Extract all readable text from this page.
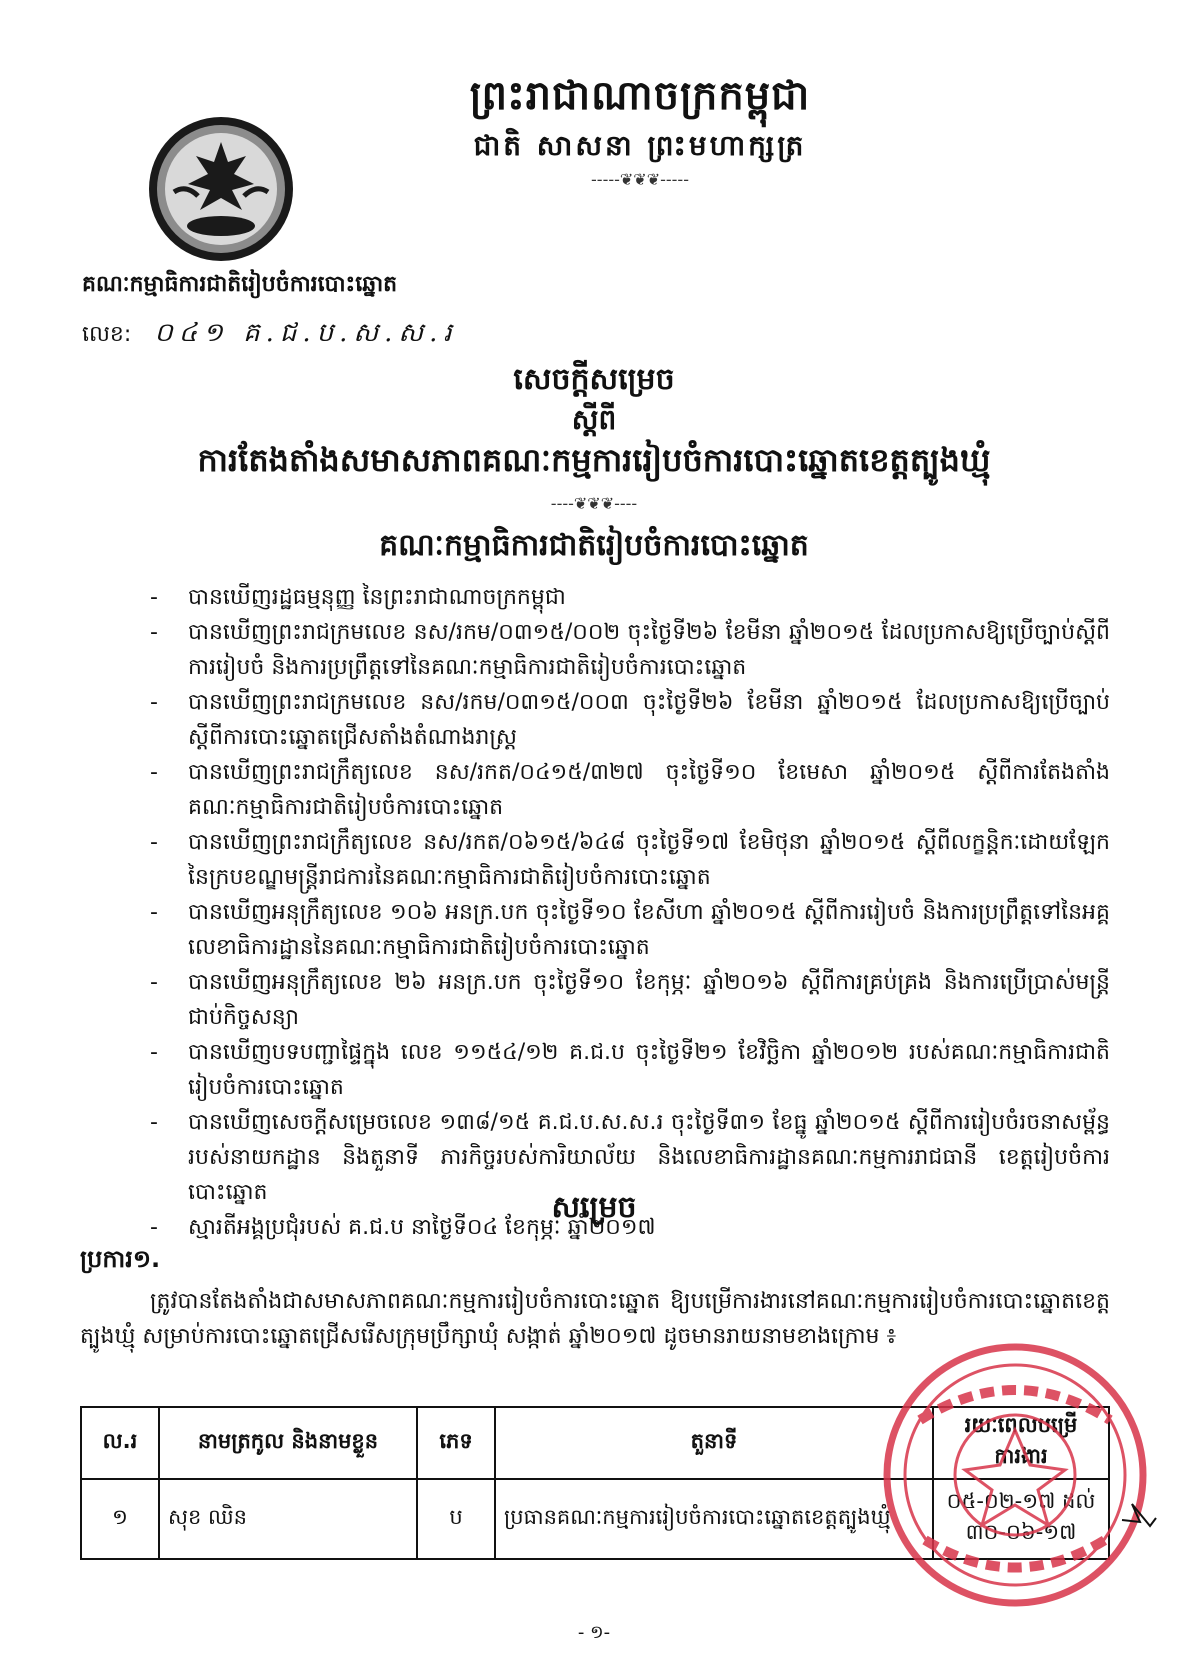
ព្រះរាជាណាចក្រកម្ពុជា
ជាតិ សាសនា ព្រះមហាក្សត្រ
-----❦❦❦-----
គណៈកម្មាធិការជាតិរៀបចំការបោះឆ្នោត
លេខ: ០៤១ គ.ជ.ប.ស.ស.រ
សេចក្ដីសម្រេច
ស្ដីពី
ការតែងតាំងសមាសភាពគណៈកម្មការរៀបចំការបោះឆ្នោតខេត្តត្បូងឃ្មុំ
----❦❦❦----
គណៈកម្មាធិការជាតិរៀបចំការបោះឆ្នោត
- បានឃើញរដ្ឋធម្មនុញ្ញ នៃព្រះរាជាណាចក្រកម្ពុជា
- បានឃើញព្រះរាជក្រមលេខ នស/រកម/០៣១៥/០០២ ចុះថ្ងៃទី២៦ ខែមីនា ឆ្នាំ២០១៥ ដែលប្រកាសឱ្យប្រើច្បាប់ស្ដីពីការរៀបចំ និងការប្រព្រឹត្តទៅនៃគណៈកម្មាធិការជាតិរៀបចំការបោះឆ្នោត
- បានឃើញព្រះរាជក្រមលេខ នស/រកម/០៣១៥/០០៣ ចុះថ្ងៃទី២៦ ខែមីនា ឆ្នាំ២០១៥ ដែលប្រកាសឱ្យប្រើច្បាប់ស្ដីពីការបោះឆ្នោតជ្រើសតាំងតំណាងរាស្ដ្រ
- បានឃើញព្រះរាជក្រឹត្យលេខ នស/រកត/០៤១៥/៣២៧ ចុះថ្ងៃទី១០ ខែមេសា ឆ្នាំ២០១៥ ស្ដីពីការតែងតាំងគណៈកម្មាធិការជាតិរៀបចំការបោះឆ្នោត
- បានឃើញព្រះរាជក្រឹត្យលេខ នស/រកត/០៦១៥/៦៤៨ ចុះថ្ងៃទី១៧ ខែមិថុនា ឆ្នាំ២០១៥ ស្ដីពីលក្ខន្តិកៈដោយឡែកនៃក្របខណ្ឌមន្ត្រីរាជការនៃគណៈកម្មាធិការជាតិរៀបចំការបោះឆ្នោត
- បានឃើញអនុក្រឹត្យលេខ ១០៦ អនក្រ.បក ចុះថ្ងៃទី១០ ខែសីហា ឆ្នាំ២០១៥ ស្ដីពីការរៀបចំ និងការប្រព្រឹត្តទៅនៃអគ្គលេខាធិការដ្ឋាននៃគណៈកម្មាធិការជាតិរៀបចំការបោះឆ្នោត
- បានឃើញអនុក្រឹត្យលេខ ២៦ អនក្រ.បក ចុះថ្ងៃទី១០ ខែកុម្ភៈ ឆ្នាំ២០១៦ ស្ដីពីការគ្រប់គ្រង និងការប្រើប្រាស់មន្ត្រីជាប់កិច្ចសន្យា
- បានឃើញបទបញ្ជាផ្ទៃក្នុង លេខ ១១៥៤/១២ គ.ជ.ប ចុះថ្ងៃទី២១ ខែវិច្ឆិកា ឆ្នាំ២០១២ របស់គណៈកម្មាធិការជាតិរៀបចំការបោះឆ្នោត
- បានឃើញសេចក្ដីសម្រេចលេខ ១៣៨/១៥ គ.ជ.ប.ស.ស.រ ចុះថ្ងៃទី៣១ ខែធ្នូ ឆ្នាំ២០១៥ ស្ដីពីការរៀបចំរចនាសម្ព័ន្ធរបស់នាយកដ្ឋាន និងតួនាទី ភារកិច្ចរបស់ការិយាល័យ និងលេខាធិការដ្ឋានគណៈកម្មការរាជធានី ខេត្តរៀបចំការបោះឆ្នោត
- ស្មារតីអង្គប្រជុំរបស់ គ.ជ.ប នាថ្ងៃទី០៤ ខែកុម្ភៈ ឆ្នាំ២០១៧
សម្រេច
ប្រការ១.
ត្រូវបានតែងតាំងជាសមាសភាពគណៈកម្មការរៀបចំការបោះឆ្នោត ឱ្យបម្រើការងារនៅគណៈកម្មការរៀបចំការបោះឆ្នោតខេត្តត្បូងឃ្មុំ សម្រាប់ការបោះឆ្នោតជ្រើសរើសក្រុមប្រឹក្សាឃុំ សង្កាត់ ឆ្នាំ២០១៧ ដូចមានរាយនាមខាងក្រោម ៖
ល.រ	នាមត្រកូល និងនាមខ្លួន	ភេទ	តួនាទី	រយៈពេលបម្រើការងារ
១	សុខ ឈិន	ប	ប្រធានគណៈកម្មការរៀបចំការបោះឆ្នោតខេត្តត្បូងឃ្មុំ	០៥-០២-១៧ ដល់ ៣០-០៦-១៧
- ១-
